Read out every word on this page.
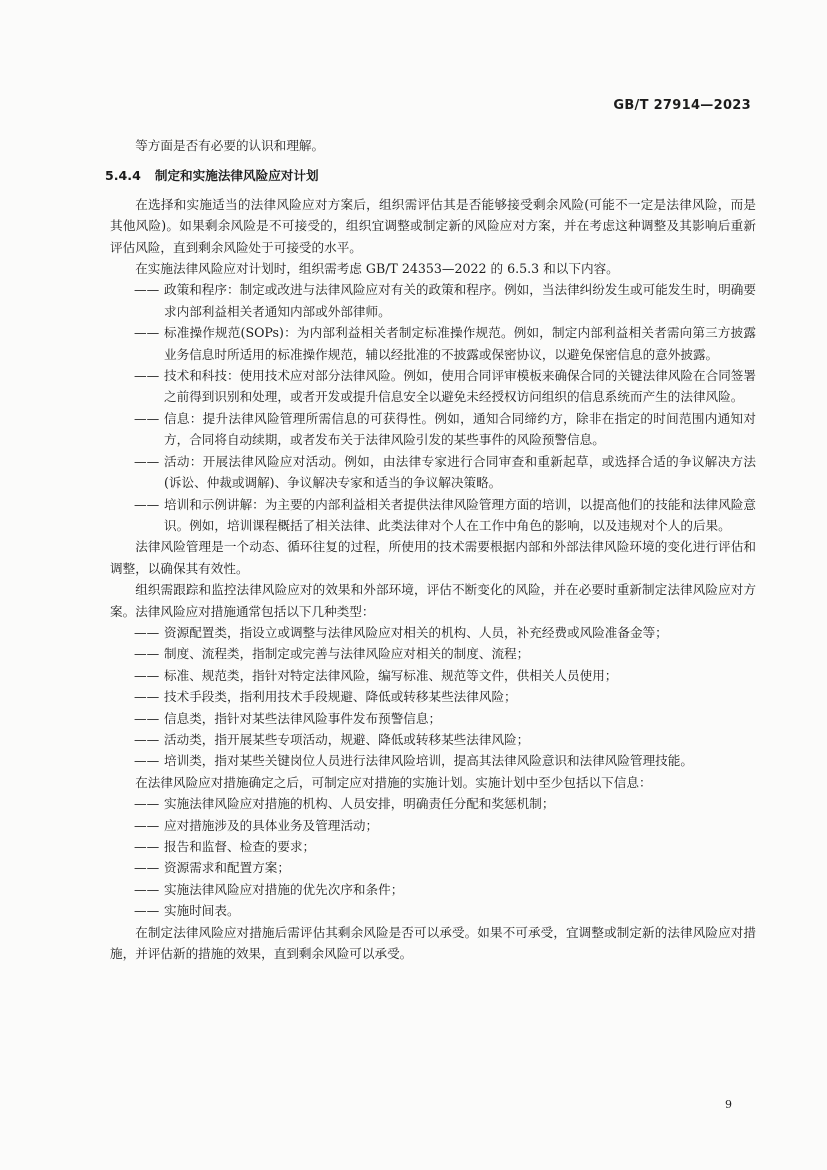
GB/T 27914—2023

等方面是否有必要的认识和理解。

5.4.4 制定和实施法律风险应对计划

在选择和实施适当的法律风险应对方案后，组织需评估其是否能够接受剩余风险(可能不一定是法律风险，而是其他风险)。如果剩余风险是不可接受的，组织宜调整或制定新的风险应对方案，并在考虑这种调整及其影响后重新评估风险，直到剩余风险处于可接受的水平。

在实施法律风险应对计划时，组织需考虑 GB/T 24353—2022 的 6.5.3 和以下内容。

—— 政策和程序：制定或改进与法律风险应对有关的政策和程序。例如，当法律纠纷发生或可能发生时，明确要求内部利益相关者通知内部或外部律师。

—— 标准操作规范(SOPs)：为内部利益相关者制定标准操作规范。例如，制定内部利益相关者需向第三方披露业务信息时所适用的标准操作规范，辅以经批准的不披露或保密协议，以避免保密信息的意外披露。

—— 技术和科技：使用技术应对部分法律风险。例如，使用合同评审模板来确保合同的关键法律风险在合同签署之前得到识别和处理，或者开发或提升信息安全以避免未经授权访问组织的信息系统而产生的法律风险。

—— 信息：提升法律风险管理所需信息的可获得性。例如，通知合同缔约方，除非在指定的时间范围内通知对方，合同将自动续期，或者发布关于法律风险引发的某些事件的风险预警信息。

—— 活动：开展法律风险应对活动。例如，由法律专家进行合同审查和重新起草，或选择合适的争议解决方法(诉讼、仲裁或调解)、争议解决专家和适当的争议解决策略。

—— 培训和示例讲解：为主要的内部利益相关者提供法律风险管理方面的培训，以提高他们的技能和法律风险意识。例如，培训课程概括了相关法律、此类法律对个人在工作中角色的影响，以及违规对个人的后果。

法律风险管理是一个动态、循环往复的过程，所使用的技术需要根据内部和外部法律风险环境的变化进行评估和调整，以确保其有效性。

组织需跟踪和监控法律风险应对的效果和外部环境，评估不断变化的风险，并在必要时重新制定法律风险应对方案。法律风险应对措施通常包括以下几种类型：

—— 资源配置类，指设立或调整与法律风险应对相关的机构、人员，补充经费或风险准备金等；

—— 制度、流程类，指制定或完善与法律风险应对相关的制度、流程；

—— 标准、规范类，指针对特定法律风险，编写标准、规范等文件，供相关人员使用；

—— 技术手段类，指利用技术手段规避、降低或转移某些法律风险；

—— 信息类，指针对某些法律风险事件发布预警信息；

—— 活动类，指开展某些专项活动，规避、降低或转移某些法律风险；

—— 培训类，指对某些关键岗位人员进行法律风险培训，提高其法律风险意识和法律风险管理技能。

在法律风险应对措施确定之后，可制定应对措施的实施计划。实施计划中至少包括以下信息：

—— 实施法律风险应对措施的机构、人员安排，明确责任分配和奖惩机制；

—— 应对措施涉及的具体业务及管理活动；

—— 报告和监督、检查的要求；

—— 资源需求和配置方案；

—— 实施法律风险应对措施的优先次序和条件；

—— 实施时间表。

在制定法律风险应对措施后需评估其剩余风险是否可以承受。如果不可承受，宜调整或制定新的法律风险应对措施，并评估新的措施的效果，直到剩余风险可以承受。

9
